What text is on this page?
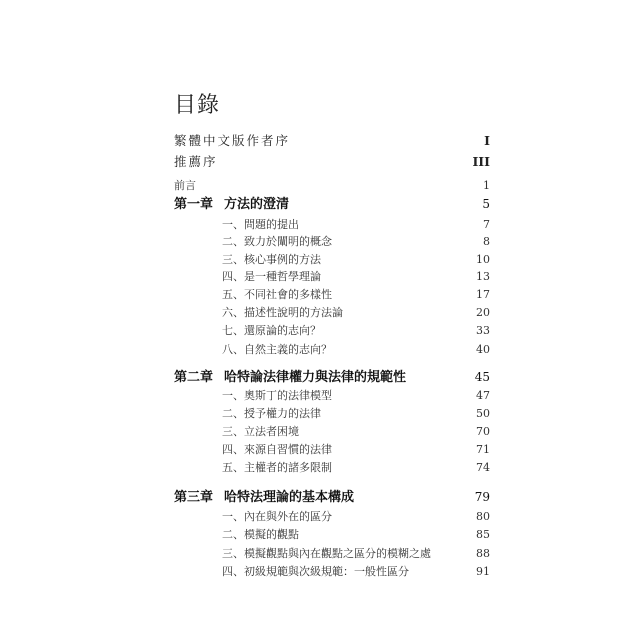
目錄
繁體中文版作者序	I
推薦序	III
前言	1
第一章 方法的澄清	5
一、問題的提出	7
二、致力於闡明的概念	8
三、核心事例的方法	10
四、是一種哲學理論	13
五、不同社會的多樣性	17
六、描述性說明的方法論	20
七、還原論的志向？	33
八、自然主義的志向？	40
第二章 哈特論法律權力與法律的規範性	45
一、奧斯丁的法律模型	47
二、授予權力的法律	50
三、立法者困境	70
四、來源自習慣的法律	71
五、主權者的諸多限制	74
第三章 哈特法理論的基本構成	79
一、內在與外在的區分	80
二、模擬的觀點	85
三、模擬觀點與內在觀點之區分的模糊之處	88
四、初級規範與次級規範：一般性區分	91
